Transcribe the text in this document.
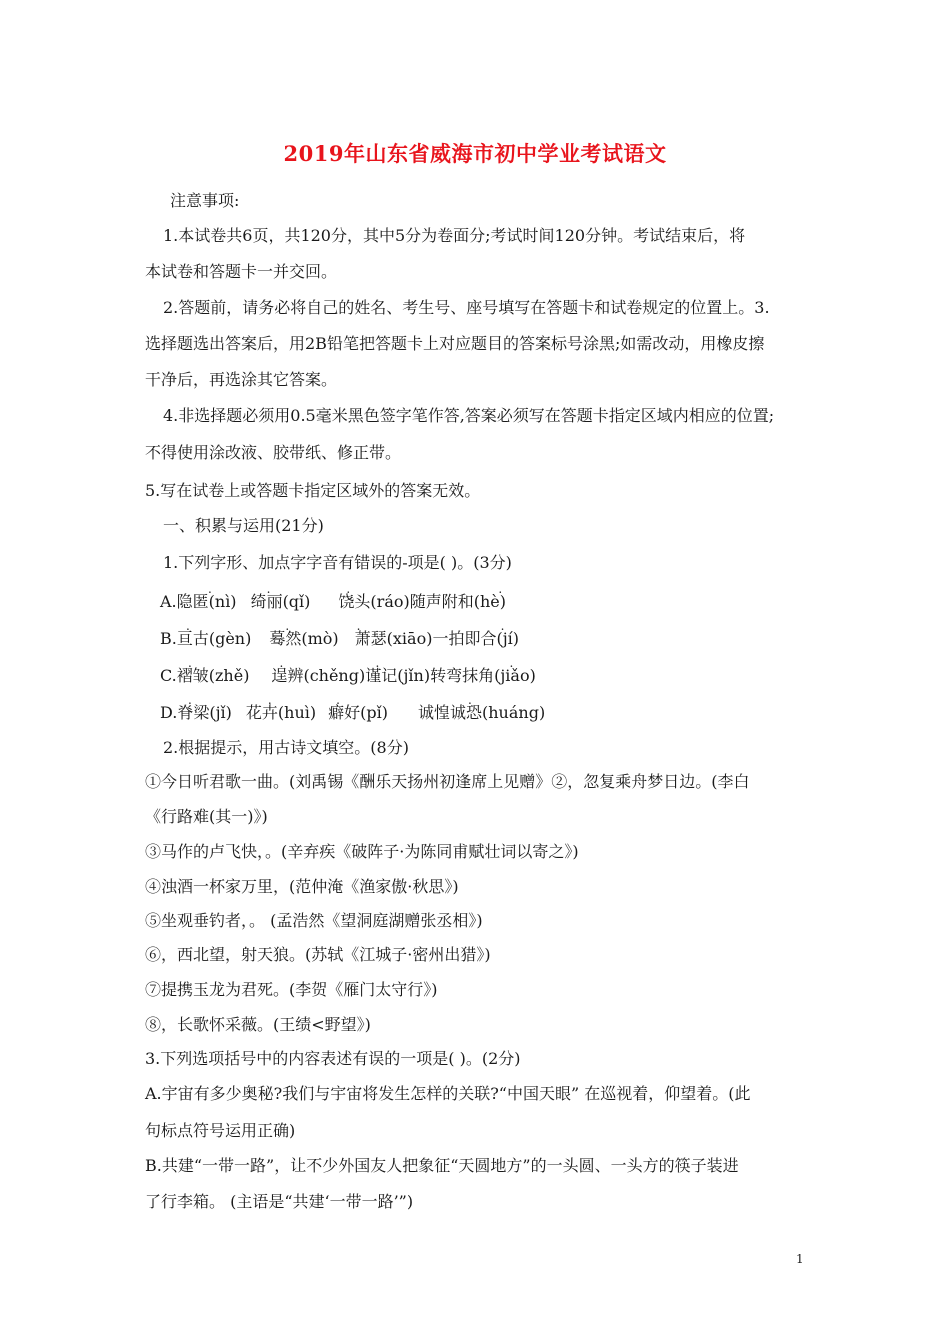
2019年山东省威海市初中学业考试语文
注意事项:
1.本试卷共6页，共120分，其中5分为卷面分;考试时间120分钟。考试结束后，将
本试卷和答题卡一并交回。
2.答题前，请务必将自己的姓名、考生号、座号填写在答题卡和试卷规定的位置上。3.
选择题选出答案后，用2B铅笔把答题卡上对应题目的答案标号涂黑;如需改动，用橡皮擦
干净后，再选涂其它答案。
4.非选择题必须用0.5毫米黑色签字笔作答,答案必须写在答题卡指定区域内相应的位置;
不得使用涂改液、胶带纸、修正带。
5.写在试卷上或答题卡指定区域外的答案无效。
一、积累与运用(21分)
1.下列字形、加点字字音有错误的-项是( )。(3分)
.
A.隐匿(nì)
.
绮丽(qǐ)
.	.
饶头(ráo)随声附和(hè)
.
B.亘古(gèn)
.
蓦然(mò)
.	.
萧瑟(xiāo)一拍即合(jí)
.
C.褶皱(zhě)
.	.	.
逞辨(chěng)谨记(jǐn)转弯抹角(jiǎo)
.
D.脊梁(jǐ)
.
花卉(huì)
.
癖好(pǐ)
.
诚惶诚恐(huáng)
2.根据提示，用古诗文填空。(8分)
①今日听君歌一曲。(刘禹锡《酬乐天扬州初逢席上见赠》②，忽复乘舟梦日边。(李白
《行路难(其一)》)
③马作的卢飞快，。(辛弃疾《破阵子·为陈同甫赋壮词以寄之》)
④浊酒一杯家万里，(范仲淹《渔家傲·秋思》)
⑤坐观垂钓者，。 (孟浩然《望洞庭湖赠张丞相》)
⑥，西北望，射天狼。(苏轼《江城子·密州出猎》)
⑦提携玉龙为君死。(李贺《雁门太守行》)
⑧，长歌怀采薇。(王绩<野望》)
3.下列选项括号中的内容表述有误的一项是( )。(2分)
A.宇宙有多少奥秘?我们与宇宙将发生怎样的关联?“中国天眼” 在巡视着，仰望着。(此
句标点符号运用正确)
B.共建“一带一路”，让不少外国友人把象征“天圆地方”的一头圆、一头方的筷子装进
了行李箱。 (主语是“共建‘一带一路’”)
1
